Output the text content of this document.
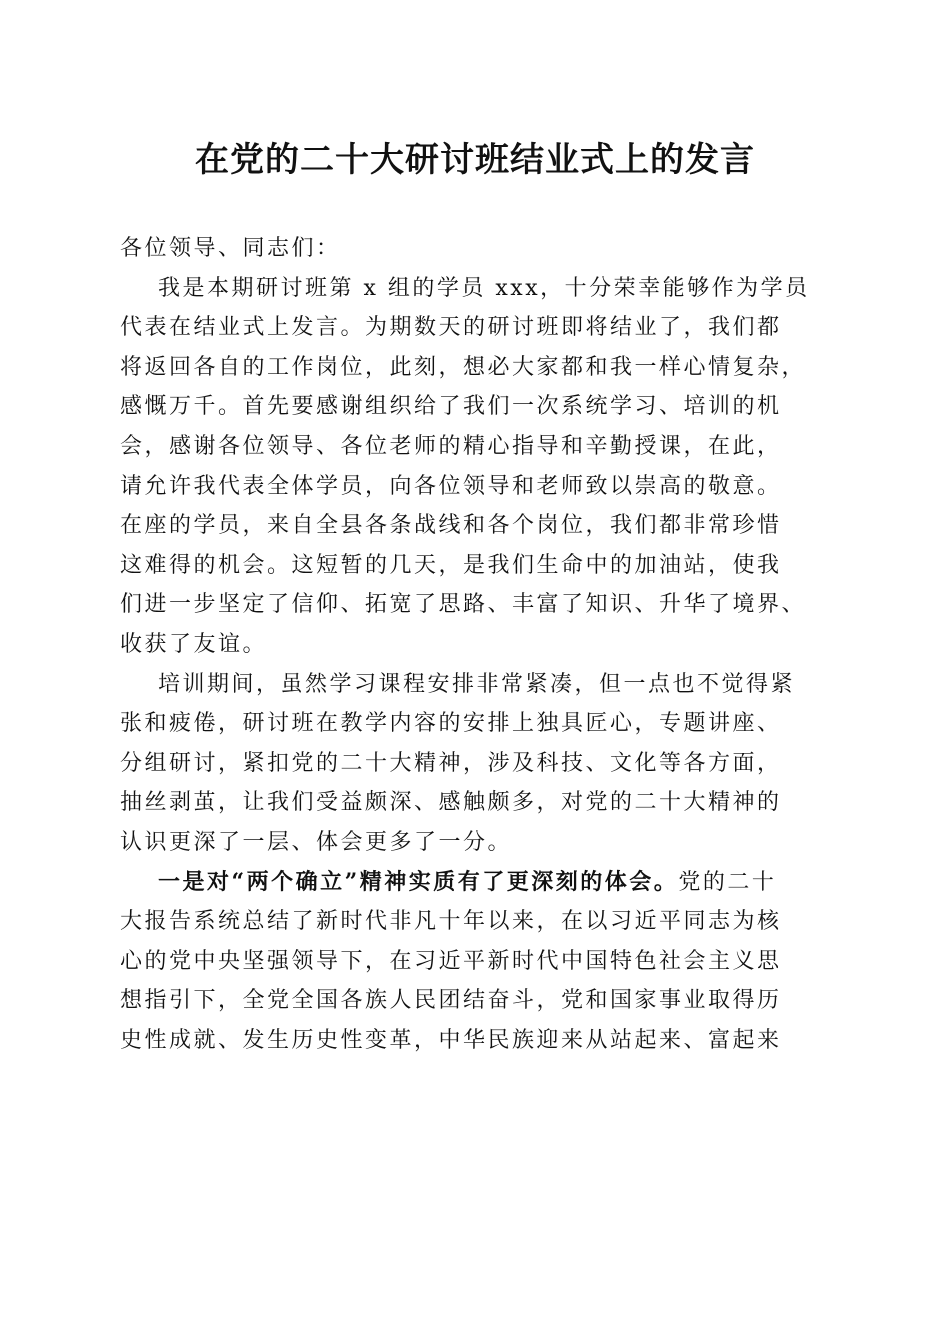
在党的二十大研讨班结业式上的发言
各位领导、同志们：
我是本期研讨班第 x 组的学员 xxx，十分荣幸能够作为学员
代表在结业式上发言。为期数天的研讨班即将结业了，我们都
将返回各自的工作岗位，此刻，想必大家都和我一样心情复杂，
感慨万千。首先要感谢组织给了我们一次系统学习、培训的机
会，感谢各位领导、各位老师的精心指导和辛勤授课，在此，
请允许我代表全体学员，向各位领导和老师致以崇高的敬意。
在座的学员，来自全县各条战线和各个岗位，我们都非常珍惜
这难得的机会。这短暂的几天，是我们生命中的加油站，使我
们进一步坚定了信仰、拓宽了思路、丰富了知识、升华了境界、
收获了友谊。
培训期间，虽然学习课程安排非常紧凑，但一点也不觉得紧
张和疲倦，研讨班在教学内容的安排上独具匠心，专题讲座、
分组研讨，紧扣党的二十大精神，涉及科技、文化等各方面，
抽丝剥茧，让我们受益颇深、感触颇多，对党的二十大精神的
认识更深了一层、体会更多了一分。
一是对“两个确立”精神实质有了更深刻的体会。党的二十
大报告系统总结了新时代非凡十年以来，在以习近平同志为核
心的党中央坚强领导下，在习近平新时代中国特色社会主义思
想指引下，全党全国各族人民团结奋斗，党和国家事业取得历
史性成就、发生历史性变革，中华民族迎来从站起来、富起来
